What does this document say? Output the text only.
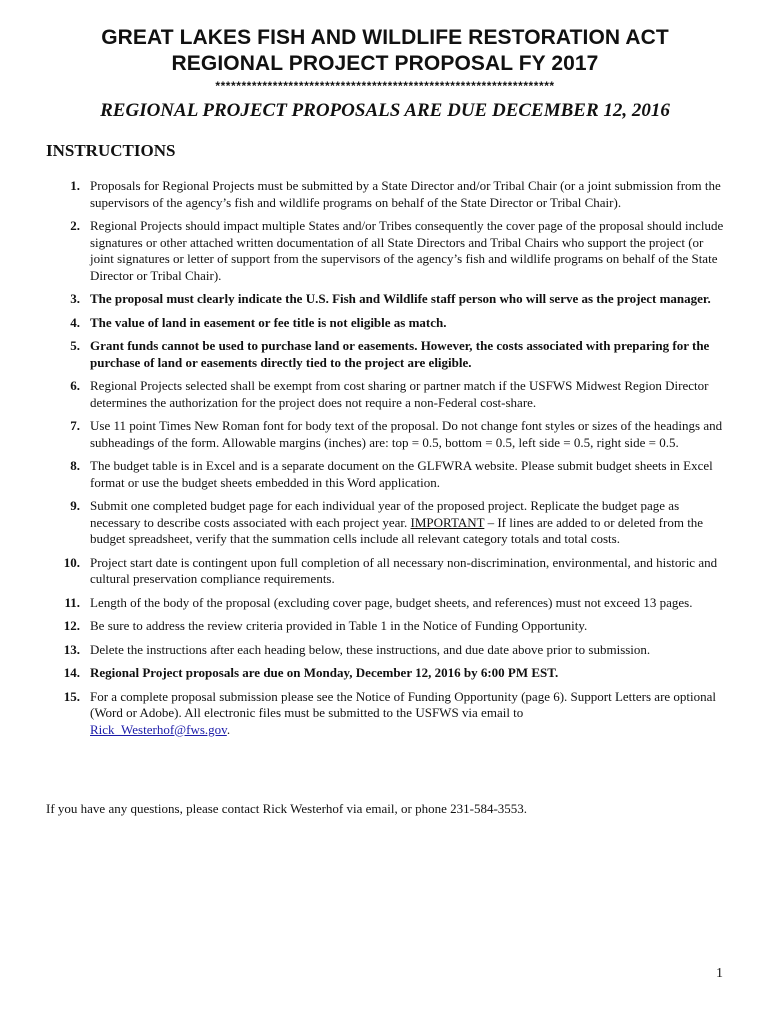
GREAT LAKES FISH AND WILDLIFE RESTORATION ACT
REGIONAL PROJECT PROPOSAL FY 2017
*****************************************************************
REGIONAL PROJECT PROPOSALS ARE DUE DECEMBER 12, 2016
INSTRUCTIONS
1. Proposals for Regional Projects must be submitted by a State Director and/or Tribal Chair (or a joint submission from the supervisors of the agency’s fish and wildlife programs on behalf of the State Director or Tribal Chair).
2. Regional Projects should impact multiple States and/or Tribes consequently the cover page of the proposal should include signatures or other attached written documentation of all State Directors and Tribal Chairs who support the project (or joint signatures or letter of support from the supervisors of the agency’s fish and wildlife programs on behalf of the State Director or Tribal Chair).
3. The proposal must clearly indicate the U.S. Fish and Wildlife staff person who will serve as the project manager.
4. The value of land in easement or fee title is not eligible as match.
5. Grant funds cannot be used to purchase land or easements. However, the costs associated with preparing for the purchase of land or easements directly tied to the project are eligible.
6. Regional Projects selected shall be exempt from cost sharing or partner match if the USFWS Midwest Region Director determines the authorization for the project does not require a non-Federal cost-share.
7. Use 11 point Times New Roman font for body text of the proposal. Do not change font styles or sizes of the headings and subheadings of the form. Allowable margins (inches) are: top = 0.5, bottom = 0.5, left side = 0.5, right side = 0.5.
8. The budget table is in Excel and is a separate document on the GLFWRA website. Please submit budget sheets in Excel format or use the budget sheets embedded in this Word application.
9. Submit one completed budget page for each individual year of the proposed project. Replicate the budget page as necessary to describe costs associated with each project year. IMPORTANT – If lines are added to or deleted from the budget spreadsheet, verify that the summation cells include all relevant category totals and total costs.
10. Project start date is contingent upon full completion of all necessary non-discrimination, environmental, and historic and cultural preservation compliance requirements.
11. Length of the body of the proposal (excluding cover page, budget sheets, and references) must not exceed 13 pages.
12. Be sure to address the review criteria provided in Table 1 in the Notice of Funding Opportunity.
13. Delete the instructions after each heading below, these instructions, and due date above prior to submission.
14. Regional Project proposals are due on Monday, December 12, 2016 by 6:00 PM EST.
15. For a complete proposal submission please see the Notice of Funding Opportunity (page 6). Support Letters are optional (Word or Adobe). All electronic files must be submitted to the USFWS via email to
Rick_Westerhof@fws.gov.
If you have any questions, please contact Rick Westerhof via email, or phone 231-584-3553.
1
